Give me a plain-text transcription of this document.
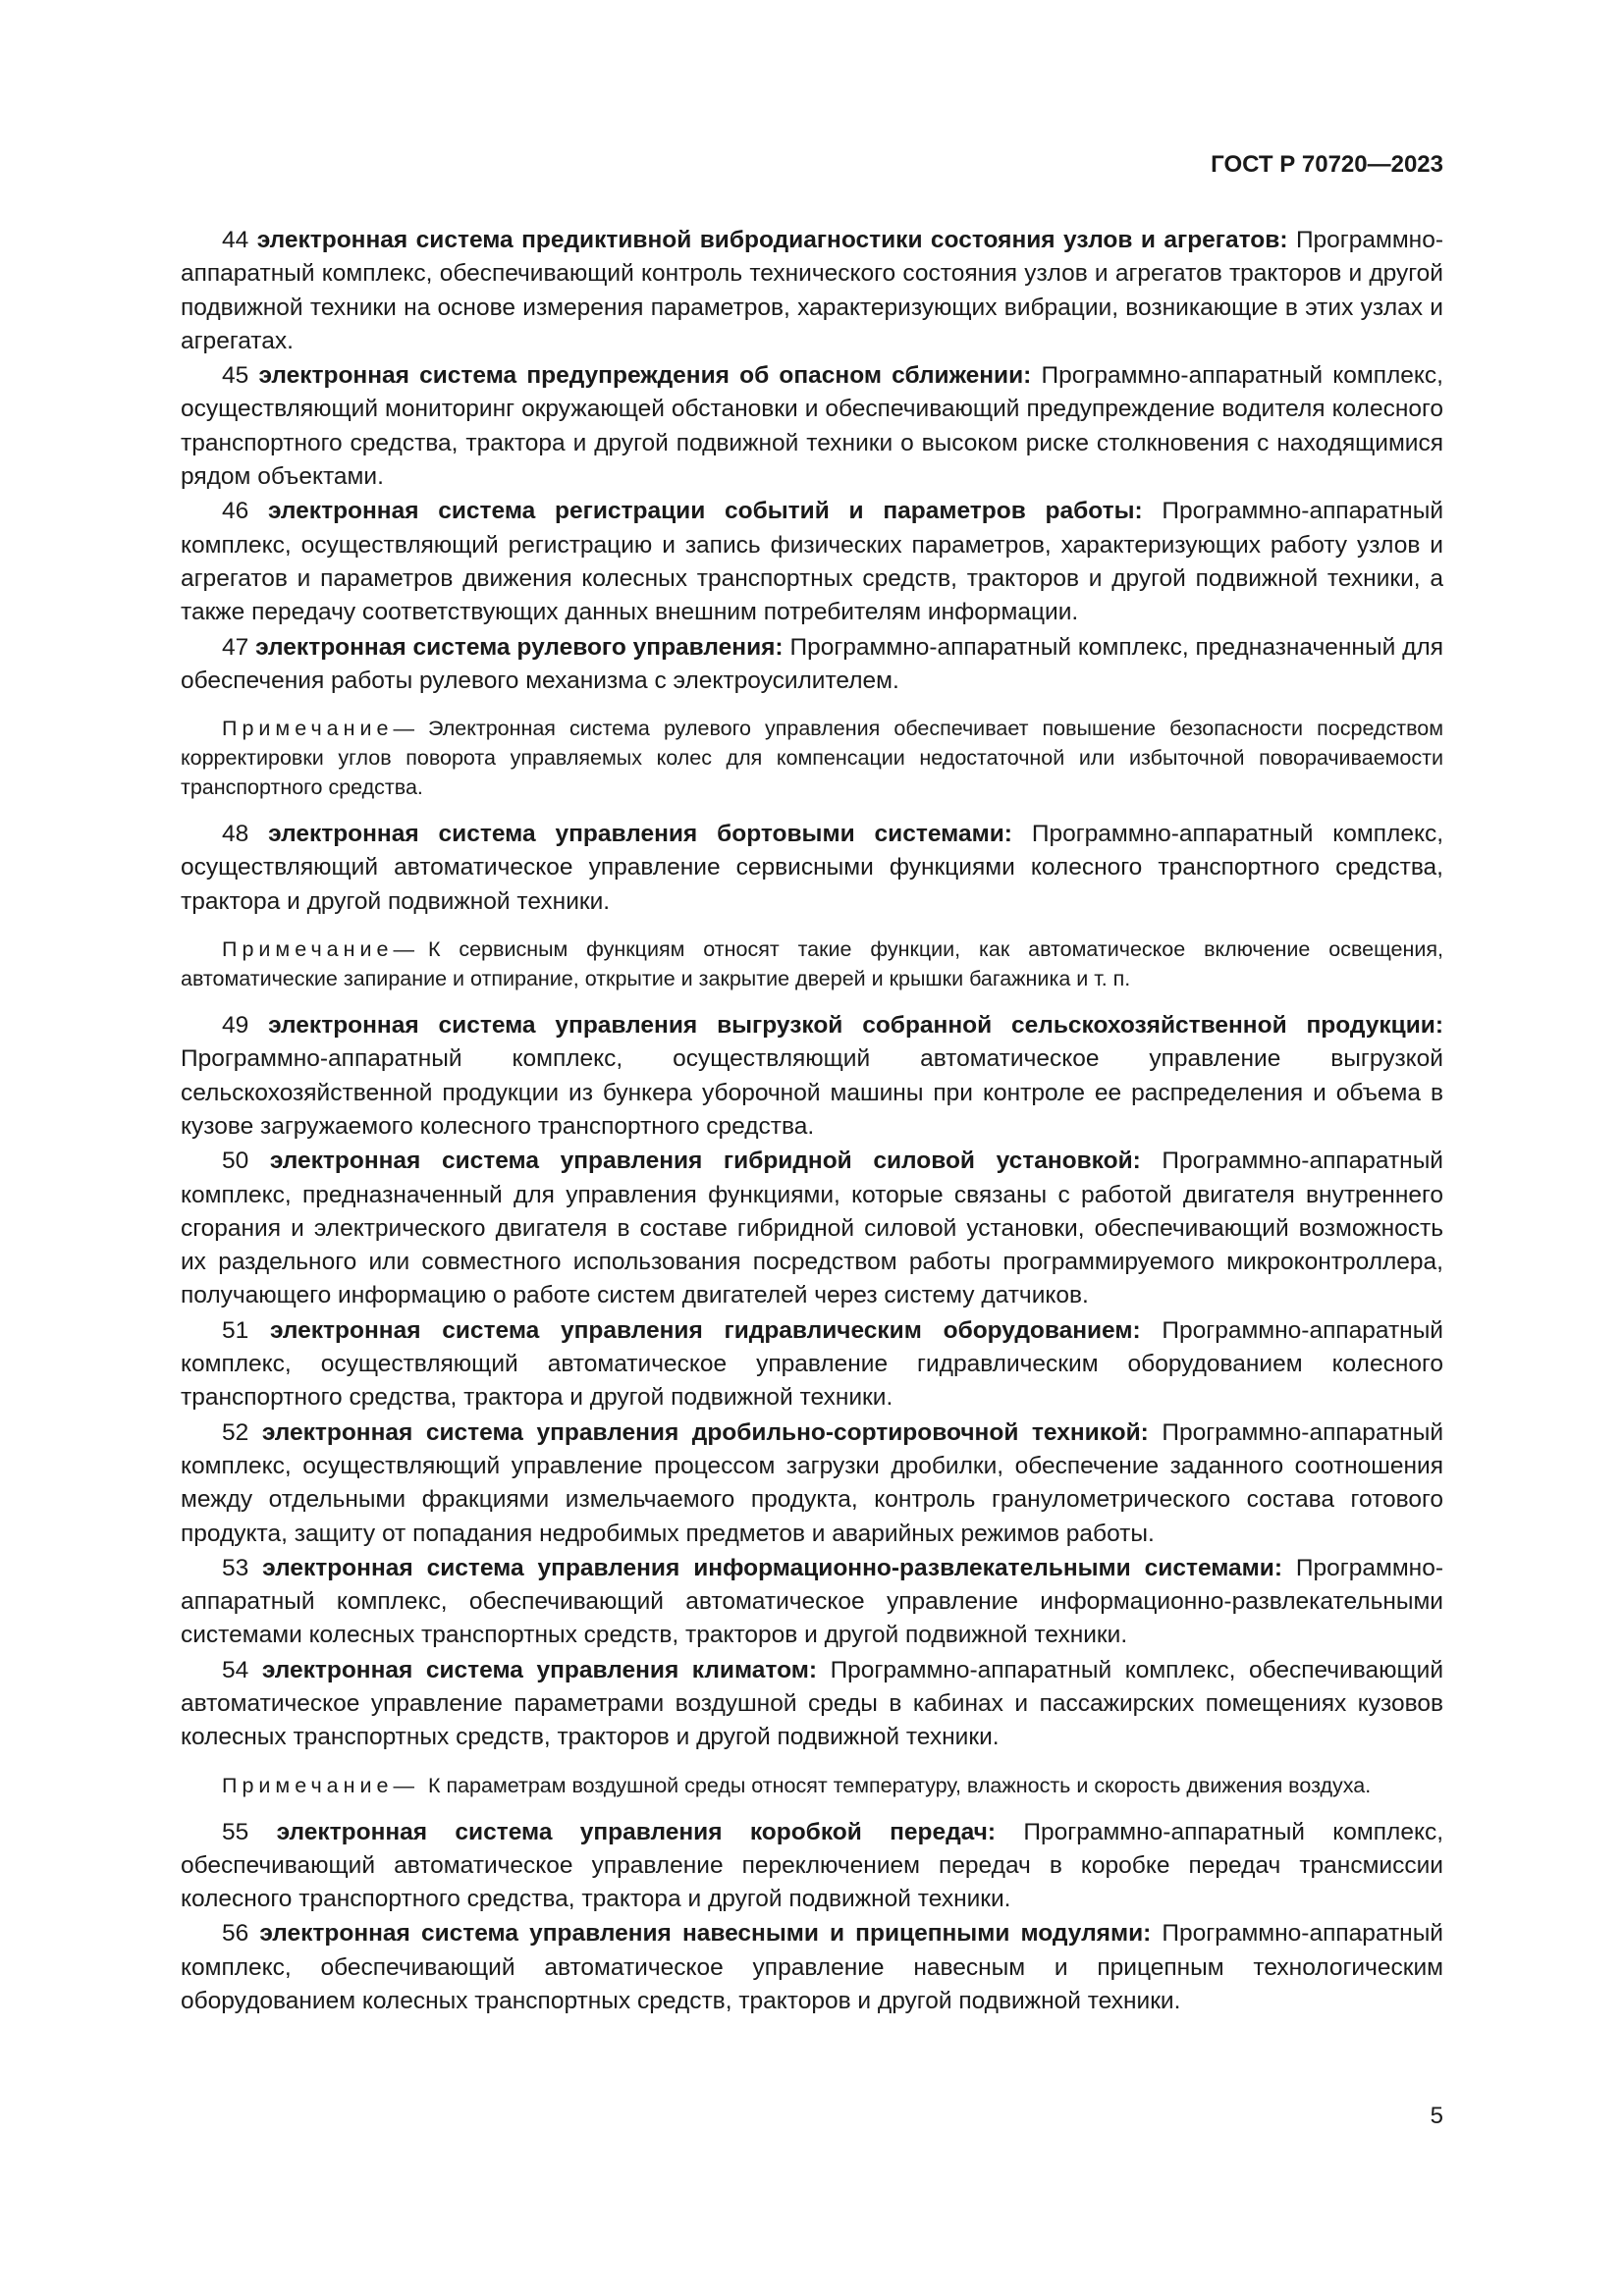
ГОСТ Р 70720—2023

44 электронная система предиктивной вибродиагностики состояния узлов и агрегатов: Программно-аппаратный комплекс, обеспечивающий контроль технического состояния узлов и агрегатов тракторов и другой подвижной техники на основе измерения параметров, характеризующих вибрации, возникающие в этих узлах и агрегатах.

45 электронная система предупреждения об опасном сближении: Программно-аппаратный комплекс, осуществляющий мониторинг окружающей обстановки и обеспечивающий предупреждение водителя колесного транспортного средства, трактора и другой подвижной техники о высоком риске столкновения с находящимися рядом объектами.

46 электронная система регистрации событий и параметров работы: Программно-аппаратный комплекс, осуществляющий регистрацию и запись физических параметров, характеризующих работу узлов и агрегатов и параметров движения колесных транспортных средств, тракторов и другой подвижной техники, а также передачу соответствующих данных внешним потребителям информации.

47 электронная система рулевого управления: Программно-аппаратный комплекс, предназначенный для обеспечения работы рулевого механизма с электроусилителем.

Примечание— Электронная система рулевого управления обеспечивает повышение безопасности посредством корректировки углов поворота управляемых колес для компенсации недостаточной или избыточной поворачиваемости транспортного средства.

48 электронная система управления бортовыми системами: Программно-аппаратный комплекс, осуществляющий автоматическое управление сервисными функциями колесного транспортного средства, трактора и другой подвижной техники.

Примечание— К сервисным функциям относят такие функции, как автоматическое включение освещения, автоматические запирание и отпирание, открытие и закрытие дверей и крышки багажника и т. п.

49 электронная система управления выгрузкой собранной сельскохозяйственной продукции: Программно-аппаратный комплекс, осуществляющий автоматическое управление выгрузкой сельскохозяйственной продукции из бункера уборочной машины при контроле ее распределения и объема в кузове загружаемого колесного транспортного средства.

50 электронная система управления гибридной силовой установкой: Программно-аппаратный комплекс, предназначенный для управления функциями, которые связаны с работой двигателя внутреннего сгорания и электрического двигателя в составе гибридной силовой установки, обеспечивающий возможность их раздельного или совместного использования посредством работы программируемого микроконтроллера, получающего информацию о работе систем двигателей через систему датчиков.

51 электронная система управления гидравлическим оборудованием: Программно-аппаратный комплекс, осуществляющий автоматическое управление гидравлическим оборудованием колесного транспортного средства, трактора и другой подвижной техники.

52 электронная система управления дробильно-сортировочной техникой: Программно-аппаратный комплекс, осуществляющий управление процессом загрузки дробилки, обеспечение заданного соотношения между отдельными фракциями измельчаемого продукта, контроль гранулометрического состава готового продукта, защиту от попадания недробимых предметов и аварийных режимов работы.

53 электронная система управления информационно-развлекательными системами: Программно-аппаратный комплекс, обеспечивающий автоматическое управление информационно-развлекательными системами колесных транспортных средств, тракторов и другой подвижной техники.

54 электронная система управления климатом: Программно-аппаратный комплекс, обеспечивающий автоматическое управление параметрами воздушной среды в кабинах и пассажирских помещениях кузовов колесных транспортных средств, тракторов и другой подвижной техники.

Примечание— К параметрам воздушной среды относят температуру, влажность и скорость движения воздуха.

55 электронная система управления коробкой передач: Программно-аппаратный комплекс, обеспечивающий автоматическое управление переключением передач в коробке передач трансмиссии колесного транспортного средства, трактора и другой подвижной техники.

56 электронная система управления навесными и прицепными модулями: Программно-аппаратный комплекс, обеспечивающий автоматическое управление навесным и прицепным технологическим оборудованием колесных транспортных средств, тракторов и другой подвижной техники.

5
